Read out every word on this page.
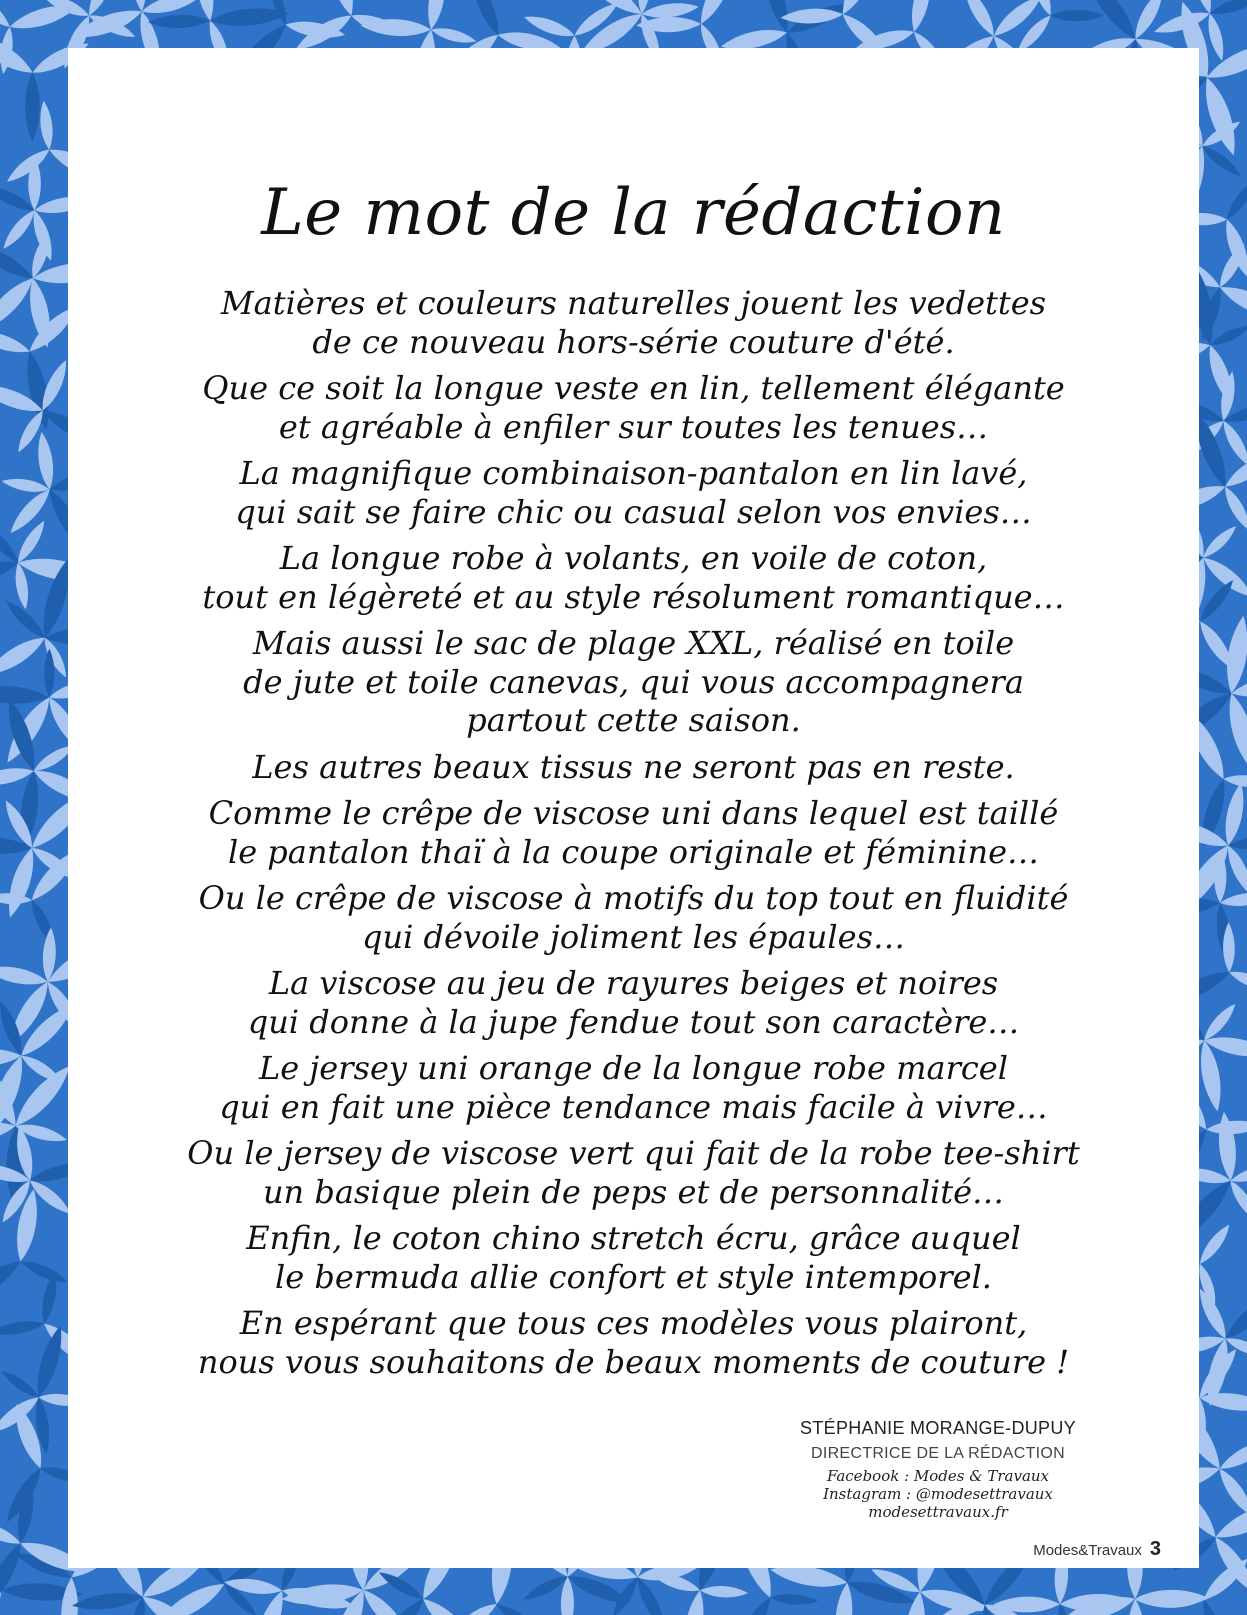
Le mot de la rédaction
Matières et couleurs naturelles jouent les vedettes
de ce nouveau hors-série couture d'été.
Que ce soit la longue veste en lin, tellement élégante
et agréable à enfiler sur toutes les tenues…
La magnifique combinaison-pantalon en lin lavé,
qui sait se faire chic ou casual selon vos envies…
La longue robe à volants, en voile de coton,
tout en légèreté et au style résolument romantique…
Mais aussi le sac de plage XXL, réalisé en toile
de jute et toile canevas, qui vous accompagnera
partout cette saison.
Les autres beaux tissus ne seront pas en reste.
Comme le crêpe de viscose uni dans lequel est taillé
le pantalon thaï à la coupe originale et féminine…
Ou le crêpe de viscose à motifs du top tout en fluidité
qui dévoile joliment les épaules…
La viscose au jeu de rayures beiges et noires
qui donne à la jupe fendue tout son caractère…
Le jersey uni orange de la longue robe marcel
qui en fait une pièce tendance mais facile à vivre…
Ou le jersey de viscose vert qui fait de la robe tee-shirt
un basique plein de peps et de personnalité…
Enfin, le coton chino stretch écru, grâce auquel
le bermuda allie confort et style intemporel.
En espérant que tous ces modèles vous plairont,
nous vous souhaitons de beaux moments de couture !
STÉPHANIE MORANGE-DUPUY
DIRECTRICE DE LA RÉDACTION
Facebook : Modes & Travaux
Instagram : @modesettravaux
modesettravaux.fr
Modes&Travaux 3
